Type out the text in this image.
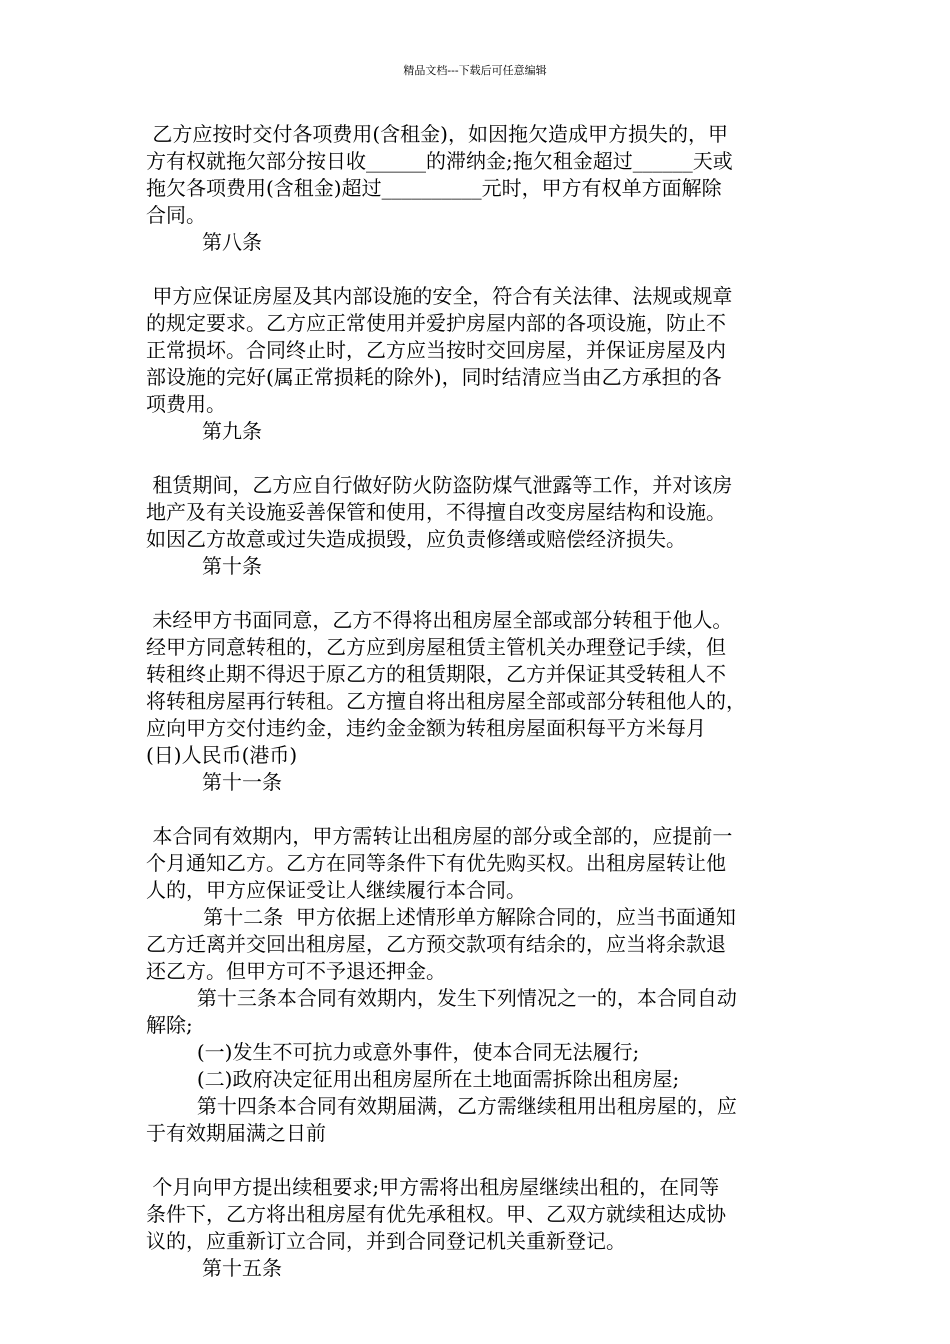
精品文档---下载后可任意编辑
乙方应按时交付各项费用(含租金)，如因拖欠造成甲方损失的，甲
方有权就拖欠部分按日收______的滞纳金;拖欠租金超过______天或
拖欠各项费用(含租金)超过__________元时，甲方有权单方面解除
合同。
第八条
甲方应保证房屋及其内部设施的安全，符合有关法律、法规或规章
的规定要求。乙方应正常使用并爱护房屋内部的各项设施，防止不
正常损坏。合同终止时，乙方应当按时交回房屋，并保证房屋及内
部设施的完好(属正常损耗的除外)，同时结清应当由乙方承担的各
项费用。
第九条
租赁期间，乙方应自行做好防火防盗防煤气泄露等工作，并对该房
地产及有关设施妥善保管和使用，不得擅自改变房屋结构和设施。
如因乙方故意或过失造成损毁，应负责修缮或赔偿经济损失。
第十条
未经甲方书面同意，乙方不得将出租房屋全部或部分转租于他人。
经甲方同意转租的，乙方应到房屋租赁主管机关办理登记手续，但
转租终止期不得迟于原乙方的租赁期限，乙方并保证其受转租人不
将转租房屋再行转租。乙方擅自将出租房屋全部或部分转租他人的，
应向甲方交付违约金，违约金金额为转租房屋面积每平方米每月
(日)人民币(港币)
第十一条
本合同有效期内，甲方需转让出租房屋的部分或全部的，应提前一
个月通知乙方。乙方在同等条件下有优先购买权。出租房屋转让他
人的，甲方应保证受让人继续履行本合同。
第十二条  甲方依据上述情形单方解除合同的，应当书面通知
乙方迁离并交回出租房屋，乙方预交款项有结余的，应当将余款退
还乙方。但甲方可不予退还押金。
第十三条本合同有效期内，发生下列情况之一的，本合同自动
解除;
(一)发生不可抗力或意外事件，使本合同无法履行;
(二)政府决定征用出租房屋所在土地面需拆除出租房屋;
第十四条本合同有效期届满，乙方需继续租用出租房屋的，应
于有效期届满之日前
个月向甲方提出续租要求;甲方需将出租房屋继续出租的，在同等
条件下，乙方将出租房屋有优先承租权。甲、乙双方就续租达成协
议的，应重新订立合同，并到合同登记机关重新登记。
第十五条
